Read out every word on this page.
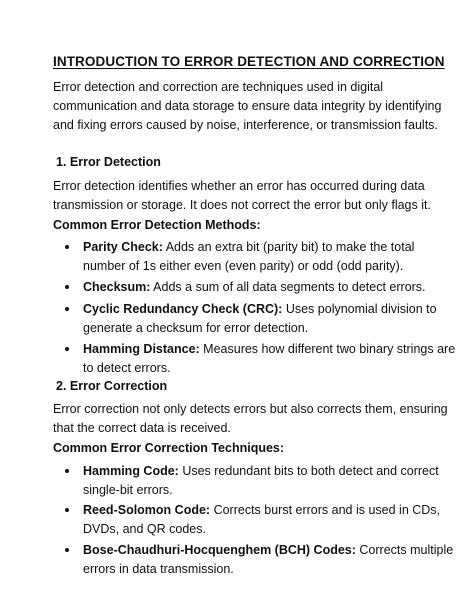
INTRODUCTION TO ERROR DETECTION AND CORRECTION
Error detection and correction are techniques used in digital
communication and data storage to ensure data integrity by identifying
and fixing errors caused by noise, interference, or transmission faults.
1. Error Detection
Error detection identifies whether an error has occurred during data
transmission or storage. It does not correct the error but only flags it.
Common Error Detection Methods:
Parity Check: Adds an extra bit (parity bit) to make the total
number of 1s either even (even parity) or odd (odd parity).
Checksum: Adds a sum of all data segments to detect errors.
Cyclic Redundancy Check (CRC): Uses polynomial division to
generate a checksum for error detection.
Hamming Distance: Measures how different two binary strings are
to detect errors.
2. Error Correction
Error correction not only detects errors but also corrects them, ensuring
that the correct data is received.
Common Error Correction Techniques:
Hamming Code: Uses redundant bits to both detect and correct
single-bit errors.
Reed-Solomon Code: Corrects burst errors and is used in CDs,
DVDs, and QR codes.
Bose-Chaudhuri-Hocquenghem (BCH) Codes: Corrects multiple
errors in data transmission.
